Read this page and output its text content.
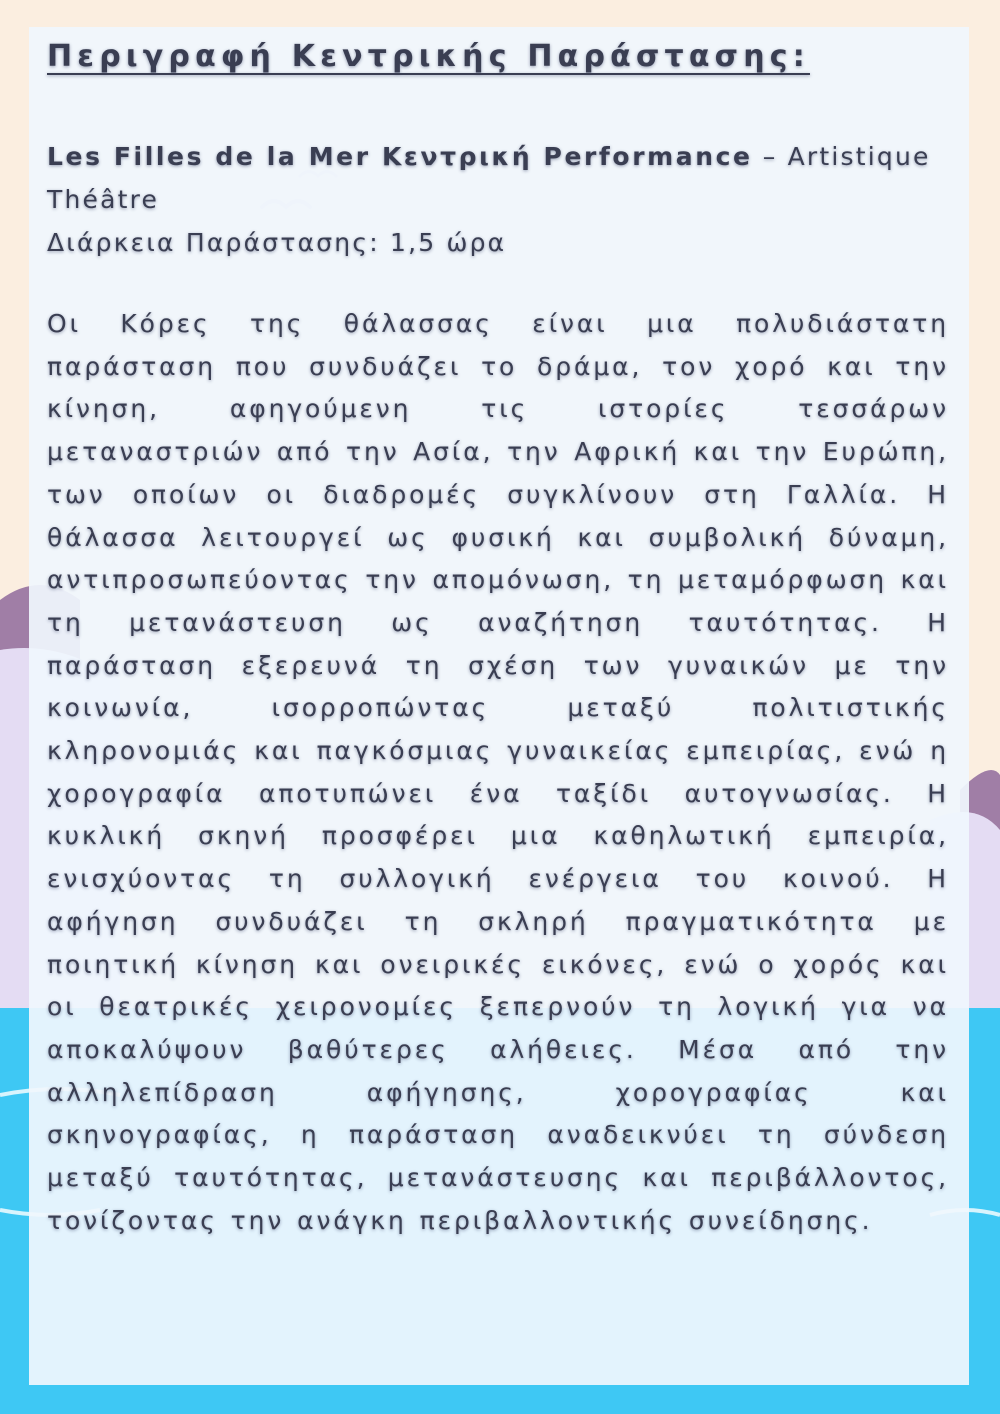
Περιγραφή Κεντρικής Παράστασης:
Les Filles de la Mer Κεντρική Performance – Artistique Théâtre
Διάρκεια Παράστασης: 1,5 ώρα

Οι Κόρες της θάλασσας είναι μια πολυδιάστατη παράσταση που συνδυάζει το δράμα, τον χορό και την κίνηση, αφηγούμενη τις ιστορίες τεσσάρων μεταναστριών από την Ασία, την Αφρική και την Ευρώπη, των οποίων οι διαδρομές συγκλίνουν στη Γαλλία. Η θάλασσα λειτουργεί ως φυσική και συμβολική δύναμη, αντιπροσωπεύοντας την απομόνωση, τη μεταμόρφωση και τη μετανάστευση ως αναζήτηση ταυτότητας. Η παράσταση εξερευνά τη σχέση των γυναικών με την κοινωνία, ισορροπώντας μεταξύ πολιτιστικής κληρονομιάς και παγκόσμιας γυναικείας εμπειρίας, ενώ η χορογραφία αποτυπώνει ένα ταξίδι αυτογνωσίας. Η κυκλική σκηνή προσφέρει μια καθηλωτική εμπειρία, ενισχύοντας τη συλλογική ενέργεια του κοινού. Η αφήγηση συνδυάζει τη σκληρή πραγματικότητα με ποιητική κίνηση και ονειρικές εικόνες, ενώ ο χορός και οι θεατρικές χειρονομίες ξεπερνούν τη λογική για να αποκαλύψουν βαθύτερες αλήθειες. Μέσα από την αλληλεπίδραση αφήγησης, χορογραφίας και σκηνογραφίας, η παράσταση αναδεικνύει τη σύνδεση μεταξύ ταυτότητας, μετανάστευσης και περιβάλλοντος, τονίζοντας την ανάγκη περιβαλλοντικής συνείδησης.
